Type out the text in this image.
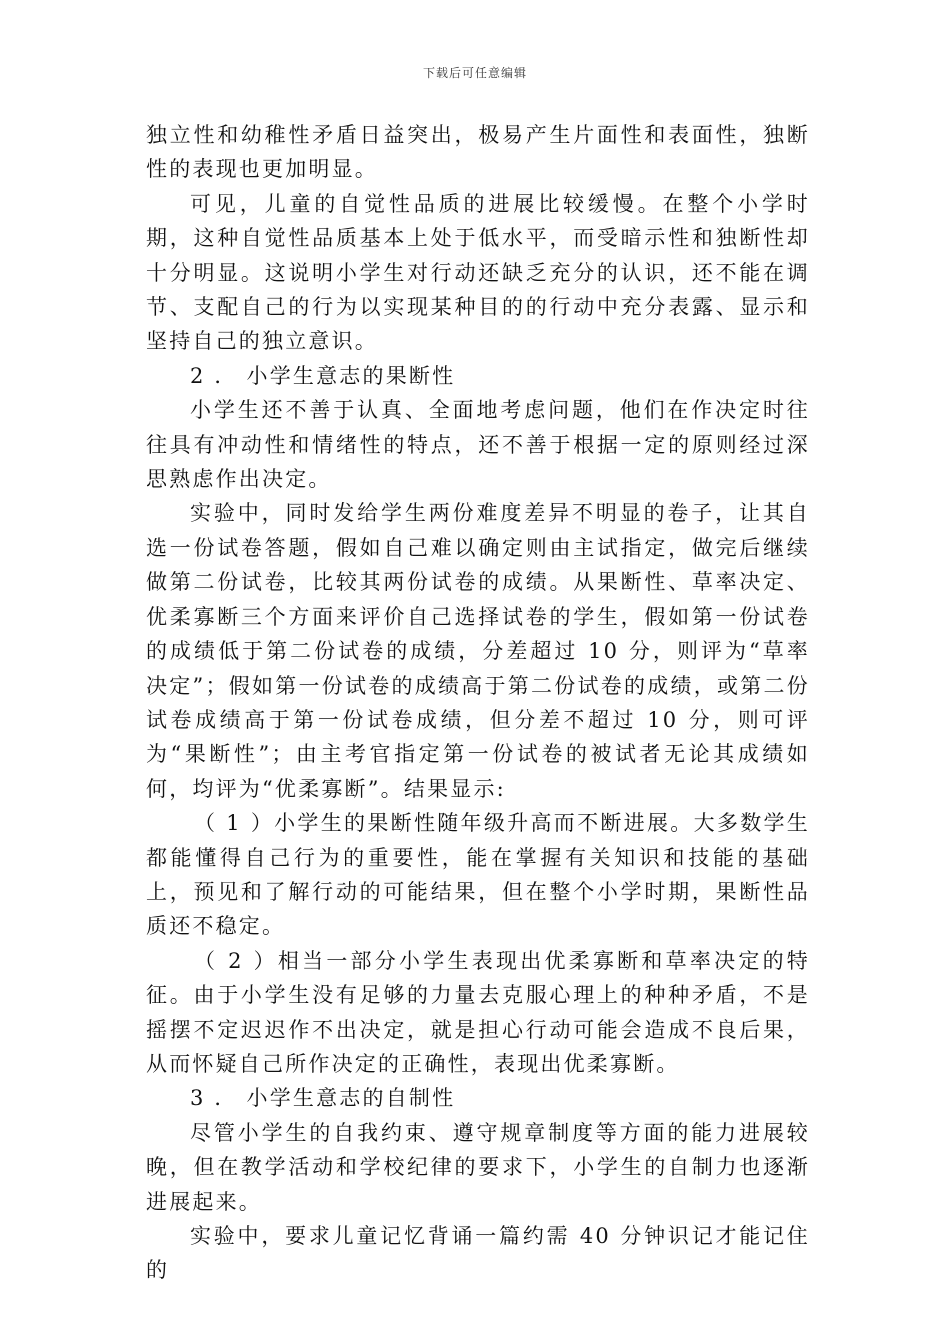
下载后可任意编辑

独立性和幼稚性矛盾日益突出，极易产生片面性和表面性，独断性的表现也更加明显。

可见，儿童的自觉性品质的进展比较缓慢。在整个小学时期，这种自觉性品质基本上处于低水平，而受暗示性和独断性却十分明显。这说明小学生对行动还缺乏充分的认识，还不能在调节、支配自己的行为以实现某种目的的行动中充分表露、显示和坚持自己的独立意识。

2 ． 小学生意志的果断性

小学生还不善于认真、全面地考虑问题，他们在作决定时往往具有冲动性和情绪性的特点，还不善于根据一定的原则经过深思熟虑作出决定。

实验中，同时发给学生两份难度差异不明显的卷子，让其自选一份试卷答题，假如自己难以确定则由主试指定，做完后继续做第二份试卷，比较其两份试卷的成绩。从果断性、草率决定、优柔寡断三个方面来评价自己选择试卷的学生，假如第一份试卷的成绩低于第二份试卷的成绩，分差超过 10 分，则评为“草率决定”；假如第一份试卷的成绩高于第二份试卷的成绩，或第二份试卷成绩高于第一份试卷成绩，但分差不超过 10 分，则可评为“果断性”；由主考官指定第一份试卷的被试者无论其成绩如何，均评为“优柔寡断”。结果显示:

（ 1 ）小学生的果断性随年级升高而不断进展。大多数学生都能懂得自己行为的重要性，能在掌握有关知识和技能的基础上，预见和了解行动的可能结果，但在整个小学时期，果断性品质还不稳定。

（ 2 ）相当一部分小学生表现出优柔寡断和草率决定的特征。由于小学生没有足够的力量去克服心理上的种种矛盾，不是摇摆不定迟迟作不出决定，就是担心行动可能会造成不良后果，从而怀疑自己所作决定的正确性，表现出优柔寡断。

3 ． 小学生意志的自制性

尽管小学生的自我约束、遵守规章制度等方面的能力进展较晚，但在教学活动和学校纪律的要求下，小学生的自制力也逐渐进展起来。

实验中，要求儿童记忆背诵一篇约需 40 分钟识记才能记住的
